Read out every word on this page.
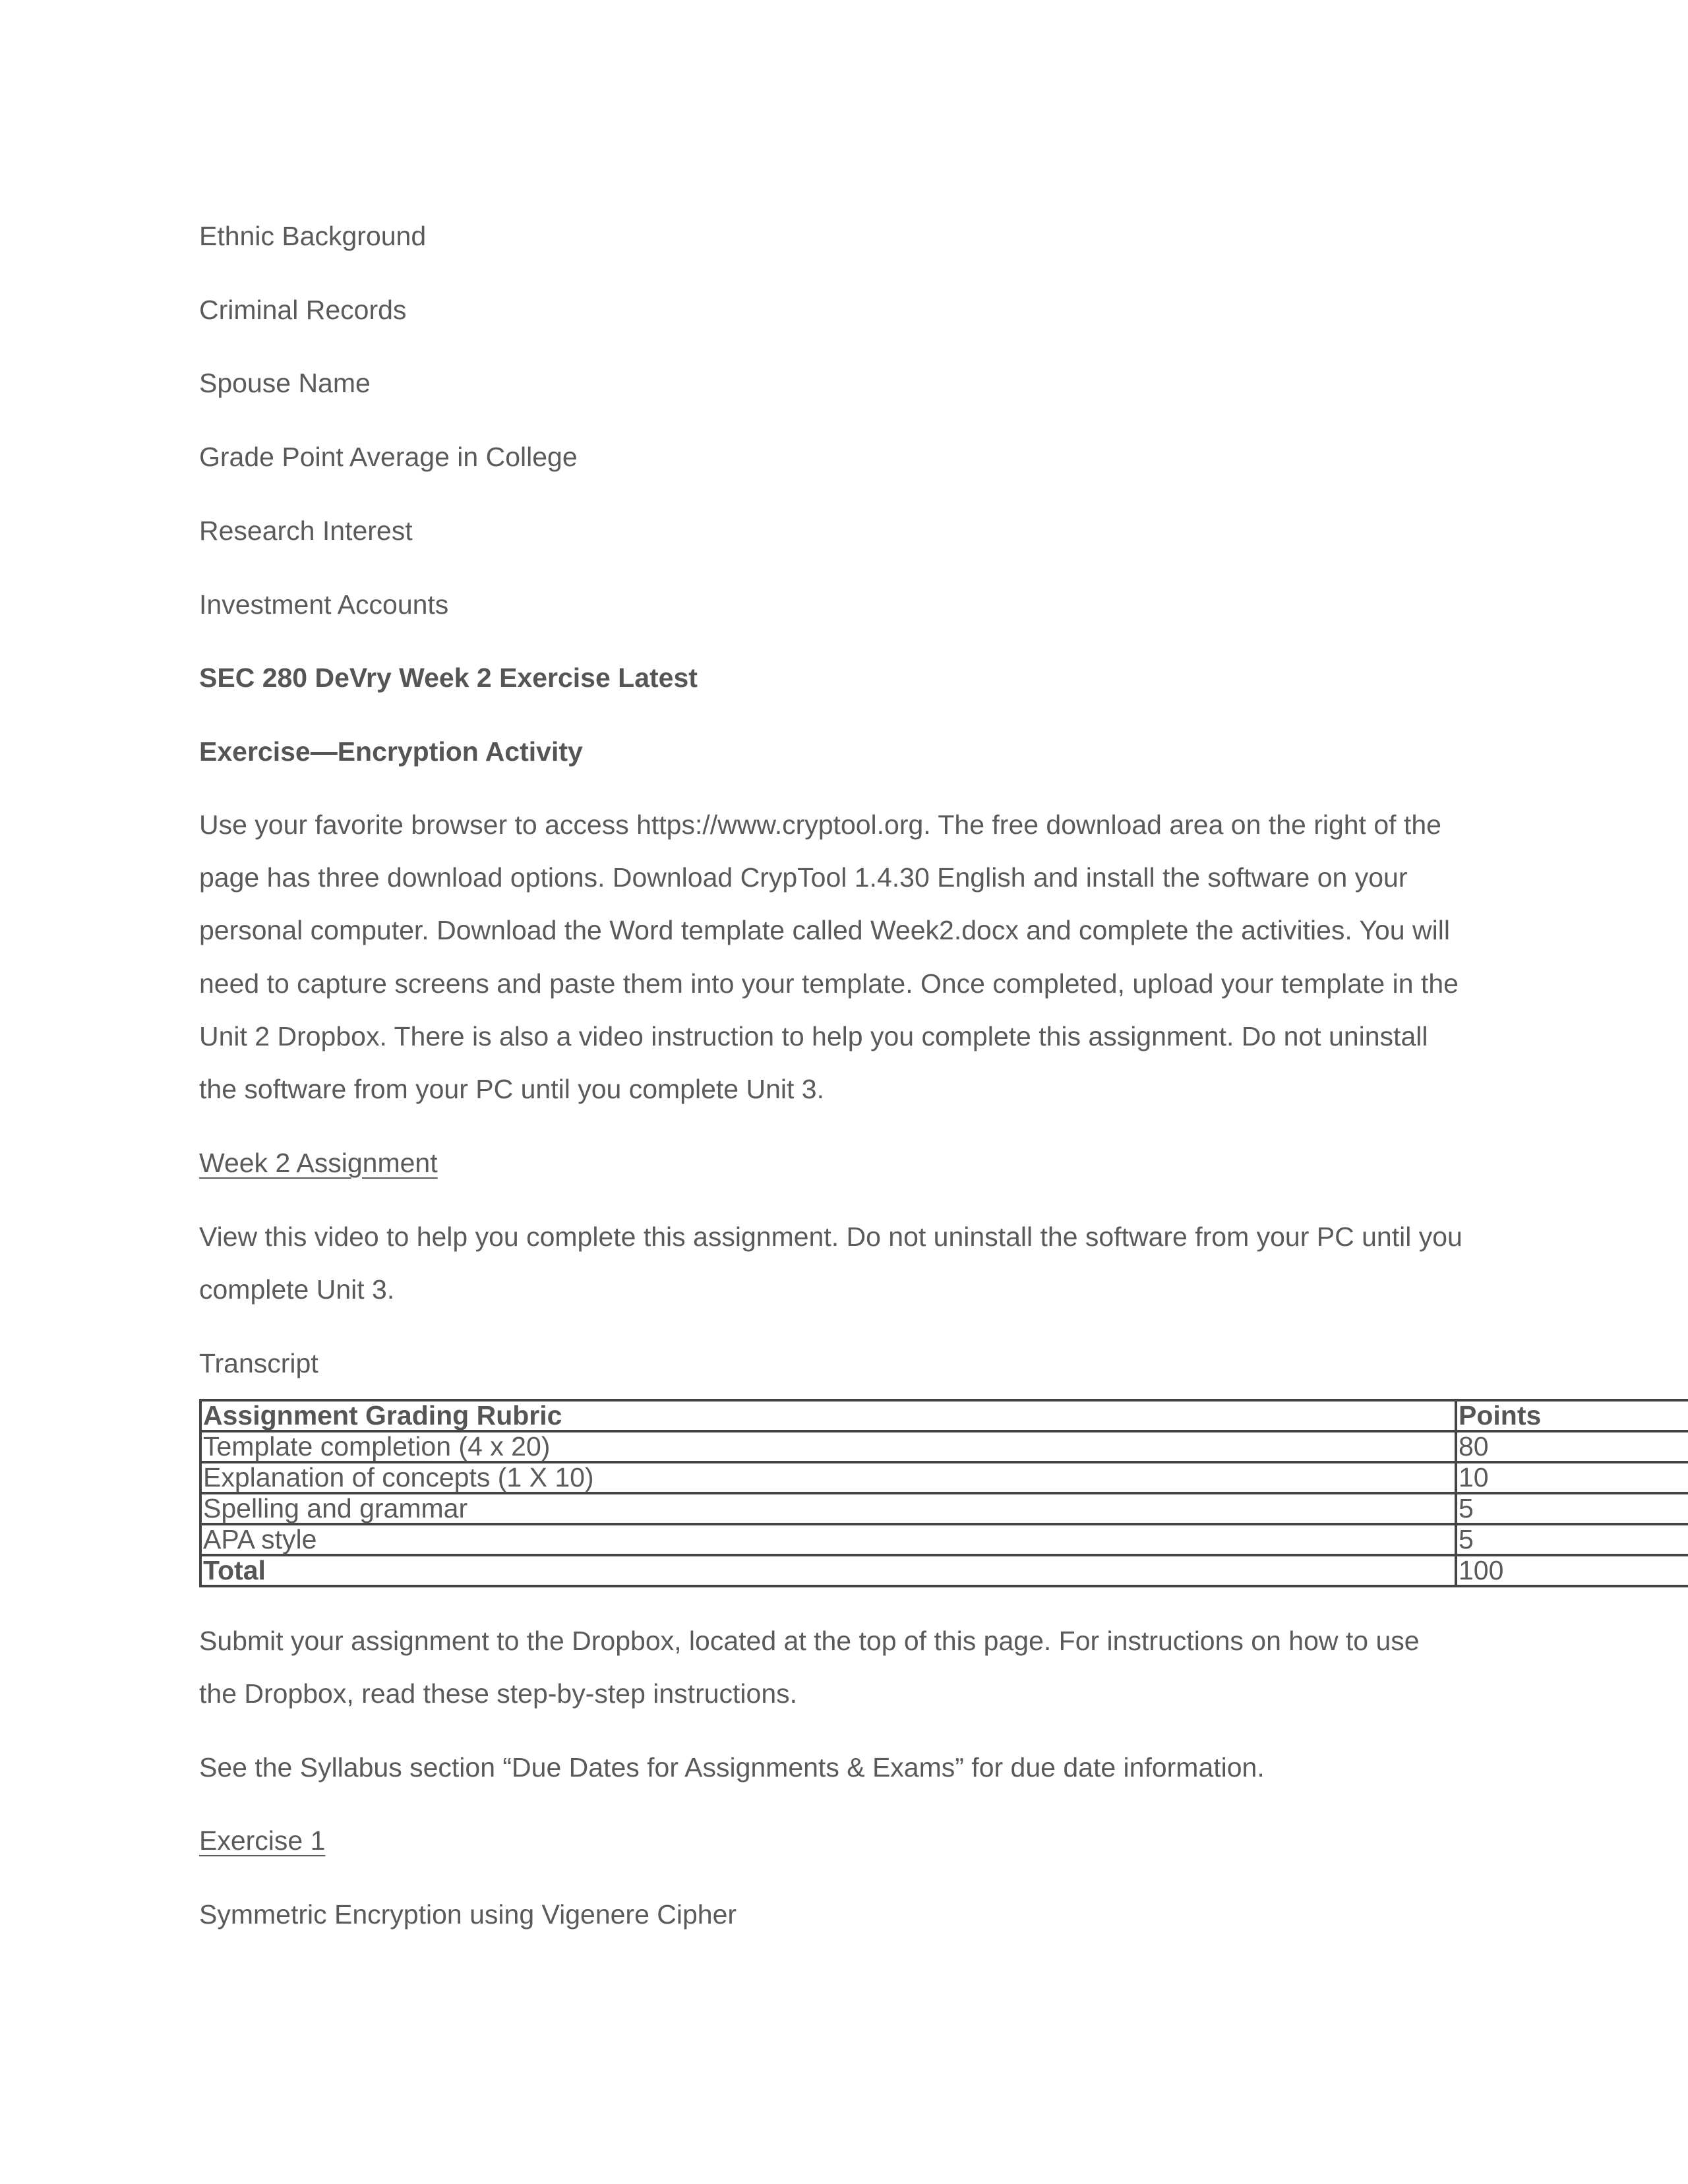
Ethnic Background

Criminal Records

Spouse Name

Grade Point Average in College

Research Interest

Investment Accounts

SEC 280 DeVry Week 2 Exercise Latest

Exercise—Encryption Activity

Use your favorite browser to access https://www.cryptool.org. The free download area on the right of the

page has three download options. Download CrypTool 1.4.30 English and install the software on your

personal computer. Download the Word template called Week2.docx and complete the activities. You will

need to capture screens and paste them into your template. Once completed, upload your template in the

Unit 2 Dropbox. There is also a video instruction to help you complete this assignment. Do not uninstall

the software from your PC until you complete Unit 3.

Week 2 Assignment

View this video to help you complete this assignment. Do not uninstall the software from your PC until you

complete Unit 3.

Transcript

Assignment Grading Rubric	Points
Template completion (4 x 20)	80
Explanation of concepts (1 X 10)	10
Spelling and grammar	5
APA style	5
Total	100

Submit your assignment to the Dropbox, located at the top of this page. For instructions on how to use

the Dropbox, read these step-by-step instructions.

See the Syllabus section “Due Dates for Assignments & Exams” for due date information.

Exercise 1

Symmetric Encryption using Vigenere Cipher
